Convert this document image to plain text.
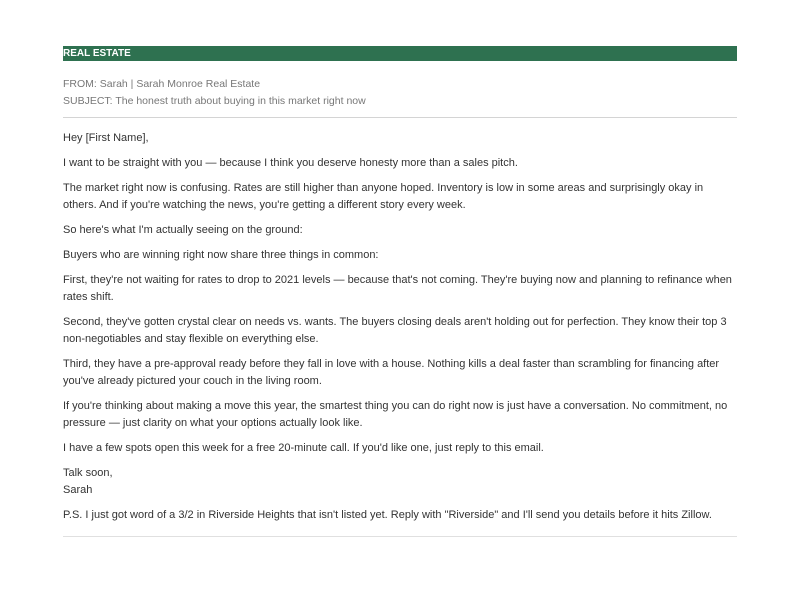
REAL ESTATE
FROM: Sarah | Sarah Monroe Real Estate
SUBJECT: The honest truth about buying in this market right now

Hey [First Name],

I want to be straight with you — because I think you deserve honesty more than a sales pitch.

The market right now is confusing. Rates are still higher than anyone hoped. Inventory is low in some areas and surprisingly okay in others. And if you're watching the news, you're getting a different story every week.

So here's what I'm actually seeing on the ground:

Buyers who are winning right now share three things in common:

First, they're not waiting for rates to drop to 2021 levels — because that's not coming. They're buying now and planning to refinance when rates shift.

Second, they've gotten crystal clear on needs vs. wants. The buyers closing deals aren't holding out for perfection. They know their top 3 non-negotiables and stay flexible on everything else.

Third, they have a pre-approval ready before they fall in love with a house. Nothing kills a deal faster than scrambling for financing after you've already pictured your couch in the living room.

If you're thinking about making a move this year, the smartest thing you can do right now is just have a conversation. No commitment, no pressure — just clarity on what your options actually look like.

I have a few spots open this week for a free 20-minute call. If you'd like one, just reply to this email.

Talk soon,
Sarah

P.S. I just got word of a 3/2 in Riverside Heights that isn't listed yet. Reply with "Riverside" and I'll send you details before it hits Zillow.
